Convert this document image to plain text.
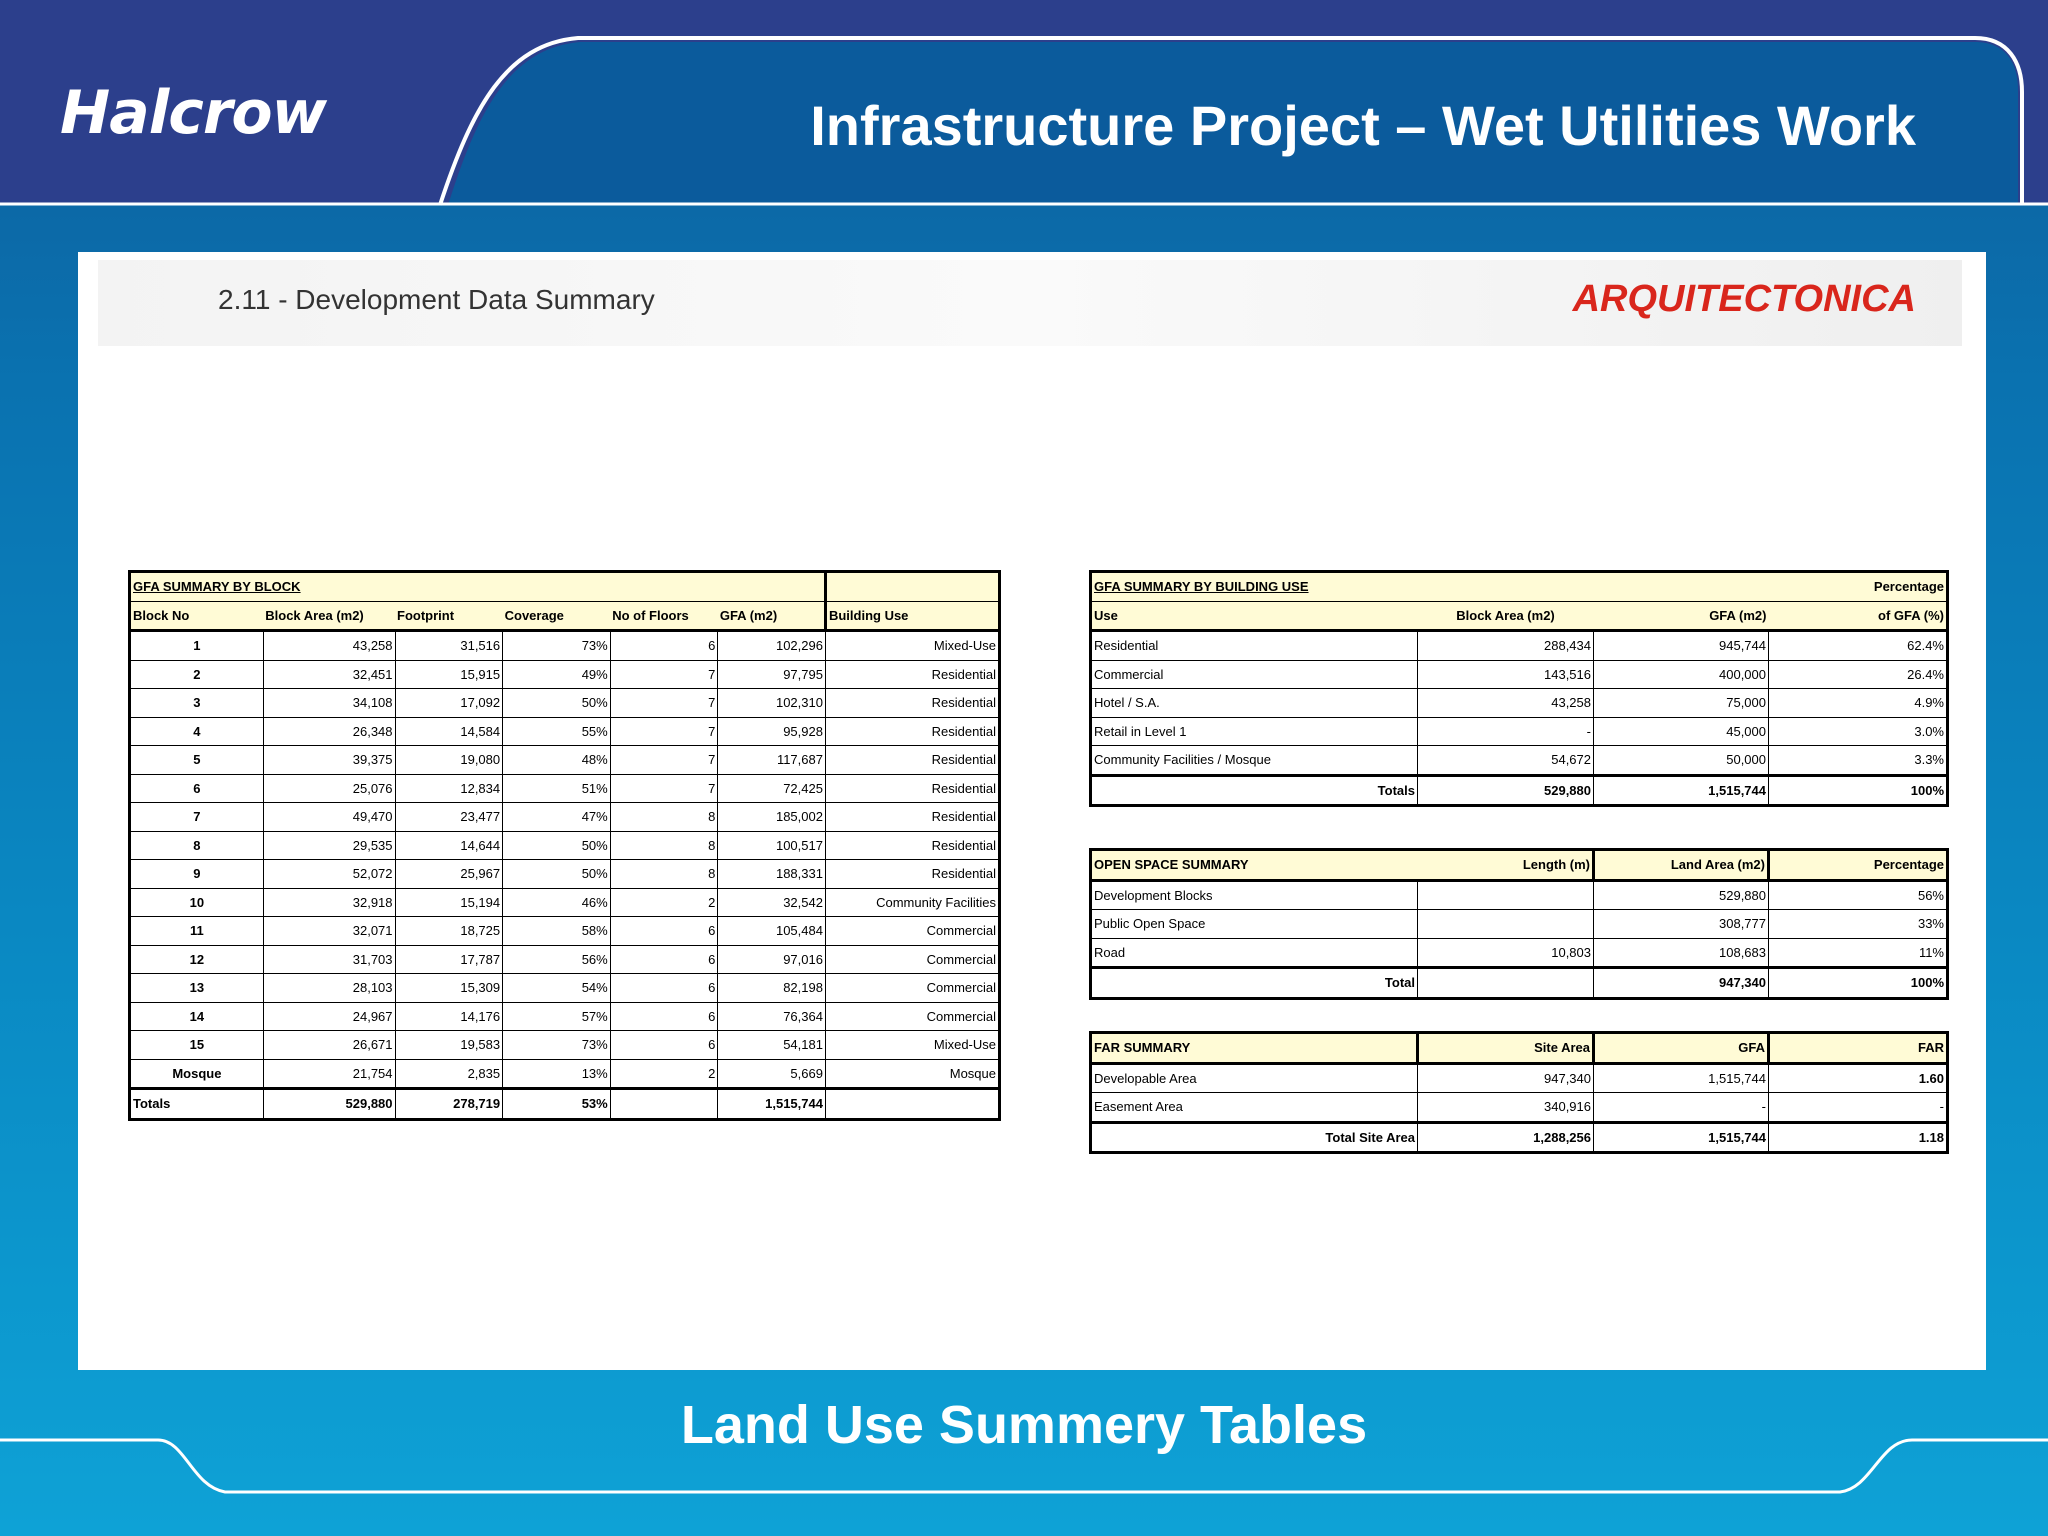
Halcrow	Infrastructure Project – Wet Utilities Work
2.11 - Development Data Summary	ARQUITECTONICA
GFA SUMMARY BY BLOCK						
Block No	Block Area (m2)	Footprint	Coverage	No of Floors	GFA (m2)	Building Use
1	43,258	31,516	73%	6	102,296	Mixed-Use
2	32,451	15,915	49%	7	97,795	Residential
3	34,108	17,092	50%	7	102,310	Residential
4	26,348	14,584	55%	7	95,928	Residential
5	39,375	19,080	48%	7	117,687	Residential
6	25,076	12,834	51%	7	72,425	Residential
7	49,470	23,477	47%	8	185,002	Residential
8	29,535	14,644	50%	8	100,517	Residential
9	52,072	25,967	50%	8	188,331	Residential
10	32,918	15,194	46%	2	32,542	Community Facilities
11	32,071	18,725	58%	6	105,484	Commercial
12	31,703	17,787	56%	6	97,016	Commercial
13	28,103	15,309	54%	6	82,198	Commercial
14	24,967	14,176	57%	6	76,364	Commercial
15	26,671	19,583	73%	6	54,181	Mixed-Use
Mosque	21,754	2,835	13%	2	5,669	Mosque
Totals	529,880	278,719	53%		1,515,744	
GFA SUMMARY BY BUILDING USE			Percentage
Use	Block Area (m2)	GFA (m2)	of GFA (%)
Residential	288,434	945,744	62.4%
Commercial	143,516	400,000	26.4%
Hotel / S.A.	43,258	75,000	4.9%
Retail in Level 1	-	45,000	3.0%
Community Facilities / Mosque	54,672	50,000	3.3%
Totals	529,880	1,515,744	100%
OPEN SPACE SUMMARY	Length (m)	Land Area (m2)	Percentage
Development Blocks		529,880	56%
Public Open Space		308,777	33%
Road	10,803	108,683	11%
Total		947,340	100%
FAR SUMMARY	Site Area	GFA	FAR
Developable Area	947,340	1,515,744	1.60
Easement Area	340,916	-	-
Total Site Area	1,288,256	1,515,744	1.18
Land Use Summery Tables
